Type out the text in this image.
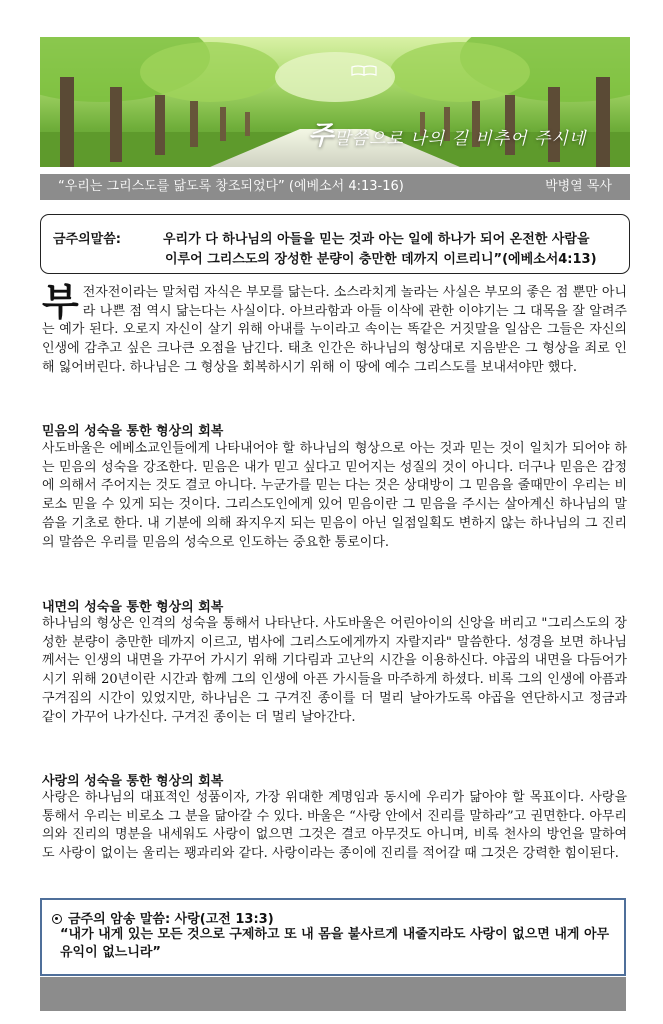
주말씀으로 나의 길 비추어 주시네
“우리는 그리스도를 닮도록 창조되었다” (에베소서 4:13-16)	박병열 목사
금주의말씀:	우리가 다 하나님의 아들을 믿는 것과 아는 일에 하나가 되어 온전한 사람을
이루어 그리스도의 장성한 분량이 충만한 데까지 이르리니”(에베소서4:13)
부전자전이라는 말처럼 자식은 부모를 닮는다. 소스라치게 놀라는 사실은 부모의 좋은 점 뿐만 아니라 나쁜 점 역시 닮는다는 사실이다. 아브라함과 아들 이삭에 관한 이야기는 그 대목을 잘 알려주는 예가 된다. 오로지 자신이 살기 위해 아내를 누이라고 속이는 똑같은 거짓말을 일삼은 그들은 자신의 인생에 감추고 싶은 크나큰 오점을 남긴다. 태초 인간은 하나님의 형상대로 지음받은 그 형상을 죄로 인해 잃어버린다. 하나님은 그 형상을 회복하시기 위해 이 땅에 예수 그리스도를 보내셔야만 했다.
믿음의 성숙을 통한 형상의 회복
사도바울은 에베소교인들에게 나타내어야 할 하나님의 형상으로 아는 것과 믿는 것이 일치가 되어야 하는 믿음의 성숙을 강조한다. 믿음은 내가 믿고 싶다고 믿어지는 성질의 것이 아니다. 더구나 믿음은 감정에 의해서 주어지는 것도 결코 아니다. 누군가를 믿는 다는 것은 상대방이 그 믿음을 줄때만이 우리는 비로소 믿을 수 있게 되는 것이다. 그리스도인에게 있어 믿음이란 그 믿음을 주시는 살아계신 하나님의 말씀을 기초로 한다. 내 기분에 의해 좌지우지 되는 믿음이 아닌 일점일획도 변하지 않는 하나님의 그 진리의 말씀은 우리를 믿음의 성숙으로 인도하는 중요한 통로이다.
내면의 성숙을 통한 형상의 회복
하나님의 형상은 인격의 성숙을 통해서 나타난다. 사도바울은 어린아이의 신앙을 버리고 "그리스도의 장성한 분량이 충만한 데까지 이르고, 범사에 그리스도에게까지 자랄지라" 말씀한다. 성경을 보면 하나님께서는 인생의 내면을 가꾸어 가시기 위해 기다림과 고난의 시간을 이용하신다. 야곱의 내면을 다듬어가시기 위해 20년이란 시간과 함께 그의 인생에 아픈 가시들을 마주하게 하셨다. 비록 그의 인생에 아픔과 구겨짐의 시간이 있었지만, 하나님은 그 구겨진 종이를 더 멀리 날아가도록 야곱을 연단하시고 정금과 같이 가꾸어 나가신다. 구겨진 종이는 더 멀리 날아간다.
사랑의 성숙을 통한 형상의 회복
사랑은 하나님의 대표적인 성품이자, 가장 위대한 계명임과 동시에 우리가 닮아야 할 목표이다. 사랑을 통해서 우리는 비로소 그 분을 닮아갈 수 있다. 바울은 “사랑 안에서 진리를 말하라”고 권면한다. 아무리 의와 진리의 명분을 내세워도 사랑이 없으면 그것은 결코 아무것도 아니며, 비록 천사의 방언을 말하여도 사랑이 없이는 울리는 꽹과리와 같다. 사랑이라는 종이에 진리를 적어갈 때 그것은 강력한 힘이된다.
금주의 암송 말씀: 사랑(고전 13:3)
“내가 내게 있는 모든 것으로 구제하고 또 내 몸을 불사르게 내줄지라도 사랑이 없으면 내게 아무 유익이 없느니라”
